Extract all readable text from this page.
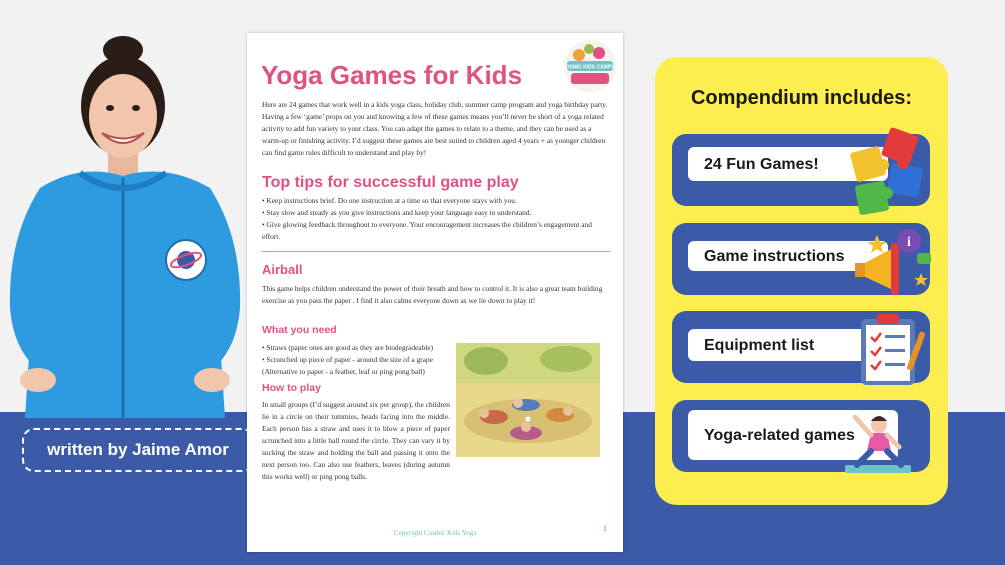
written by Jaime Amor
Yoga Games for Kids	COSMIC KIDS CAMPUS
Here are 24 games that work well in a kids yoga class, holiday club, summer camp program and yoga birthday party. Having a few ‘game’ props on you and knowing a few of these games means you’ll never be short of a yoga related activity to add fun variety to your class. You can adapt the games to relate to a theme, and they can be used as a warm-up or finishing activity. I’d suggest these games are best suited to children aged 4 years + as younger children can find game rules difficult to understand and play by!
Top tips for successful game play
• Keep instructions brief. Do one instruction at a time so that everyone stays with you.
• Stay slow and steady as you give instructions and keep your language easy to understand.
• Give glowing feedback throughout to everyone. Your encouragement increases the children’s engagement and effort.
Airball
This game helps children understand the power of their breath and how to control it. It is also a great team building exercise as you pass the paper . I find it also calms everyone down as we lie down to play it!
What you need
• Straws (paper ones are good as they are biodegradeable)
• Scrunched up piece of paper - around the size of a grape (Alternative to paper - a feather, leaf or ping pong ball)
How to play
In small groups (I’d suggest around six per group), the children lie in a circle on their tummies, heads facing into the middle. Each person has a straw and uses it to blow a piece of paper scrunched into a little ball round the circle. They can vary it by sucking the straw and holding the ball and passing it onto the next person too. Can also use feathers, leaves (during autumn this works well) or ping pong balls.
Copyright Cosmic Kids Yoga	1
Compendium includes:
24 Fun Games!
Game instructions
i
Equipment list
Yoga-related games
